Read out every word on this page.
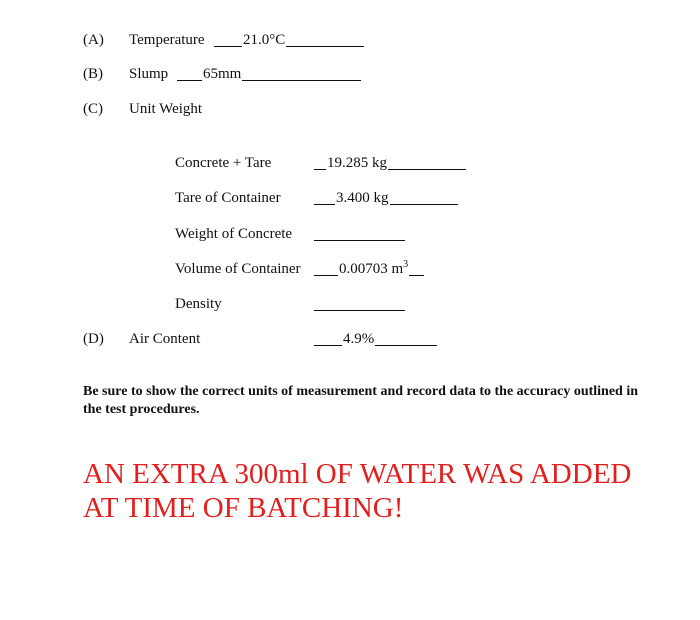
(A) Temperature	21.0°C
(B) Slump 65mm
(C) Unit Weight
Concrete + Tare	19.285 kg
Tare of Container	3.400 kg
Weight of Concrete
Volume of Container	0.00703 $m^3$
Density
(D) Air Content	4.9%
Be sure to show the correct units of measurement and record data to the accuracy outlined in the test procedures.
AN EXTRA 300ml OF WATER WAS ADDED AT TIME OF BATCHING!
